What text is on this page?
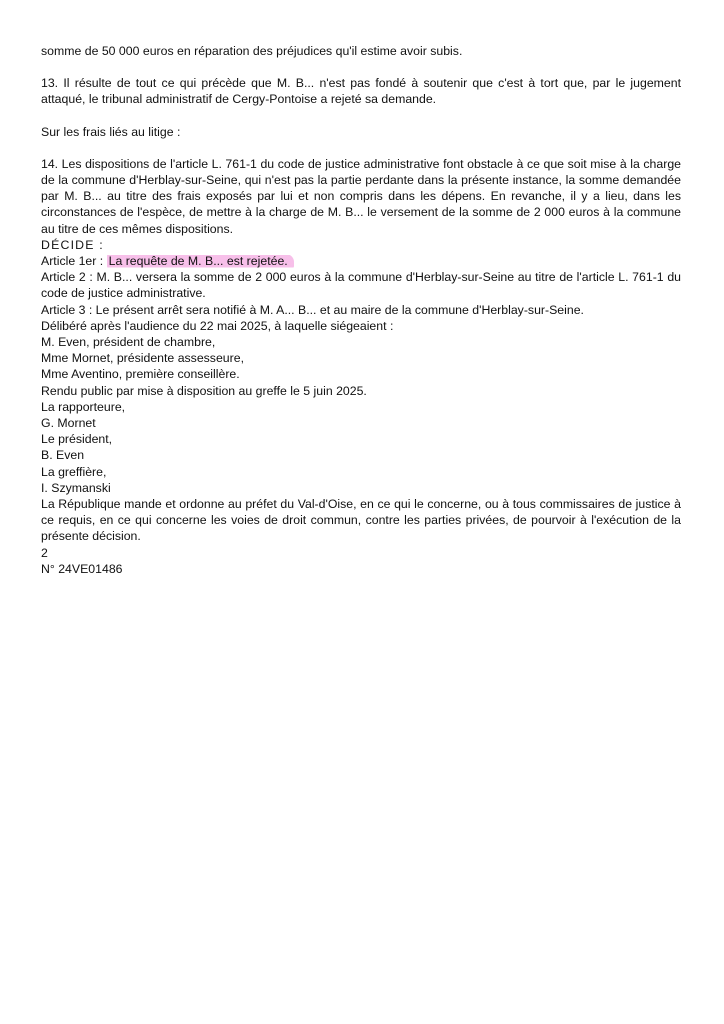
somme de 50 000 euros en réparation des préjudices qu'il estime avoir subis.

13. Il résulte de tout ce qui précède que M. B... n'est pas fondé à soutenir que c'est à tort que, par le jugement attaqué, le tribunal administratif de Cergy-Pontoise a rejeté sa demande.

Sur les frais liés au litige :

14. Les dispositions de l'article L. 761-1 du code de justice administrative font obstacle à ce que soit mise à la charge de la commune d'Herblay-sur-Seine, qui n'est pas la partie perdante dans la présente instance, la somme demandée par M. B... au titre des frais exposés par lui et non compris dans les dépens. En revanche, il y a lieu, dans les circonstances de l'espèce, de mettre à la charge de M. B... le versement de la somme de 2 000 euros à la commune au titre de ces mêmes dispositions.

DÉCIDE :

Article 1er : La requête de M. B... est rejetée.

Article 2 : M. B... versera la somme de 2 000 euros à la commune d'Herblay-sur-Seine au titre de l'article L. 761-1 du code de justice administrative.

Article 3 : Le présent arrêt sera notifié à M. A... B... et au maire de la commune d'Herblay-sur-Seine.

Délibéré après l'audience du 22 mai 2025, à laquelle siégeaient :

M. Even, président de chambre,

Mme Mornet, présidente assesseure,

Mme Aventino, première conseillère.

Rendu public par mise à disposition au greffe le 5 juin 2025.

La rapporteure,

G. Mornet

Le président,

B. Even

La greffière,

I. Szymanski

La République mande et ordonne au préfet du Val-d'Oise, en ce qui le concerne, ou à tous commissaires de justice à ce requis, en ce qui concerne les voies de droit commun, contre les parties privées, de pourvoir à l'exécution de la présente décision.

2

N° 24VE01486
